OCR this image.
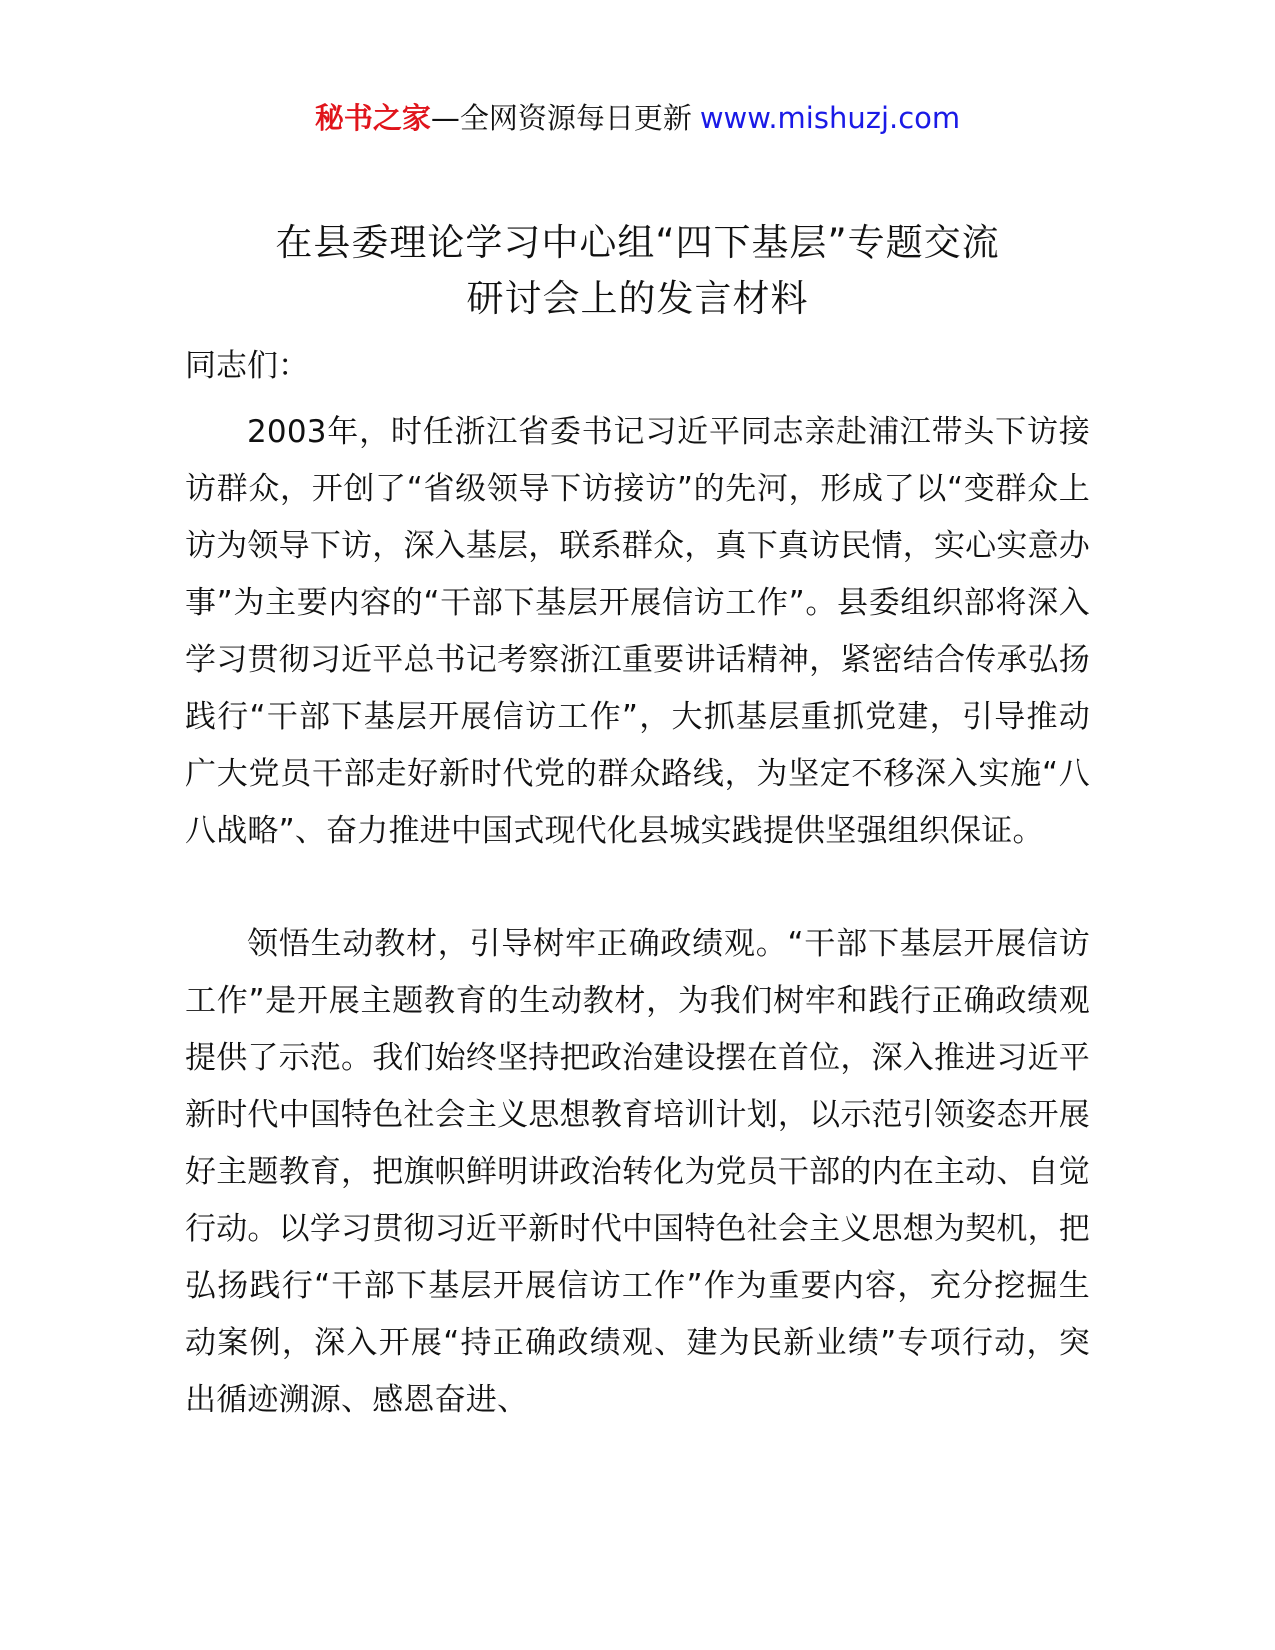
秘书之家—全网资源每日更新 www.mishuzj.com
在县委理论学习中心组“四下基层”专题交流
研讨会上的发言材料

同志们：

2003年，时任浙江省委书记习近平同志亲赴浦江带头下访接访群众，开创了“省级领导下访接访”的先河，形成了以“变群众上访为领导下访，深入基层，联系群众，真下真访民情，实心实意办事”为主要内容的“干部下基层开展信访工作”。县委组织部将深入学习贯彻习近平总书记考察浙江重要讲话精神，紧密结合传承弘扬践行“干部下基层开展信访工作”，大抓基层重抓党建，引导推动广大党员干部走好新时代党的群众路线，为坚定不移深入实施“八八战略”、奋力推进中国式现代化县城实践提供坚强组织保证。

领悟生动教材，引导树牢正确政绩观。“干部下基层开展信访工作”是开展主题教育的生动教材，为我们树牢和践行正确政绩观提供了示范。我们始终坚持把政治建设摆在首位，深入推进习近平新时代中国特色社会主义思想教育培训计划，以示范引领姿态开展好主题教育，把旗帜鲜明讲政治转化为党员干部的内在主动、自觉行动。以学习贯彻习近平新时代中国特色社会主义思想为契机，把弘扬践行“干部下基层开展信访工作”作为重要内容，充分挖掘生动案例，深入开展“持正确政绩观、建为民新业绩”专项行动，突出循迹溯源、感恩奋进、
